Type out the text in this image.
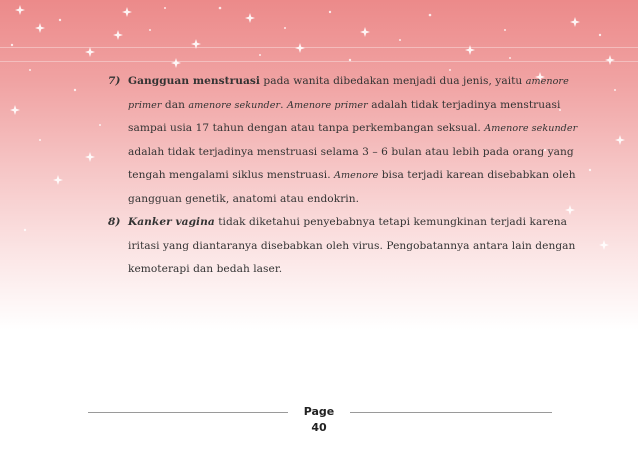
7) Gangguan menstruasi pada wanita dibedakan menjadi dua jenis, yaitu amenore
primer dan amenore sekunder. Amenore primer adalah tidak terjadinya menstruasi
sampai usia 17 tahun dengan atau tanpa perkembangan seksual. Amenore sekunder
adalah tidak terjadinya menstruasi selama 3 – 6 bulan atau lebih pada orang yang
tengah mengalami siklus menstruasi. Amenore bisa terjadi karean disebabkan oleh
gangguan genetik, anatomi atau endokrin.
8) Kanker vagina tidak diketahui penyebabnya tetapi kemungkinan terjadi karena
iritasi yang diantaranya disebabkan oleh virus. Pengobatannya antara lain dengan
kemoterapi dan bedah laser.
Page 40
